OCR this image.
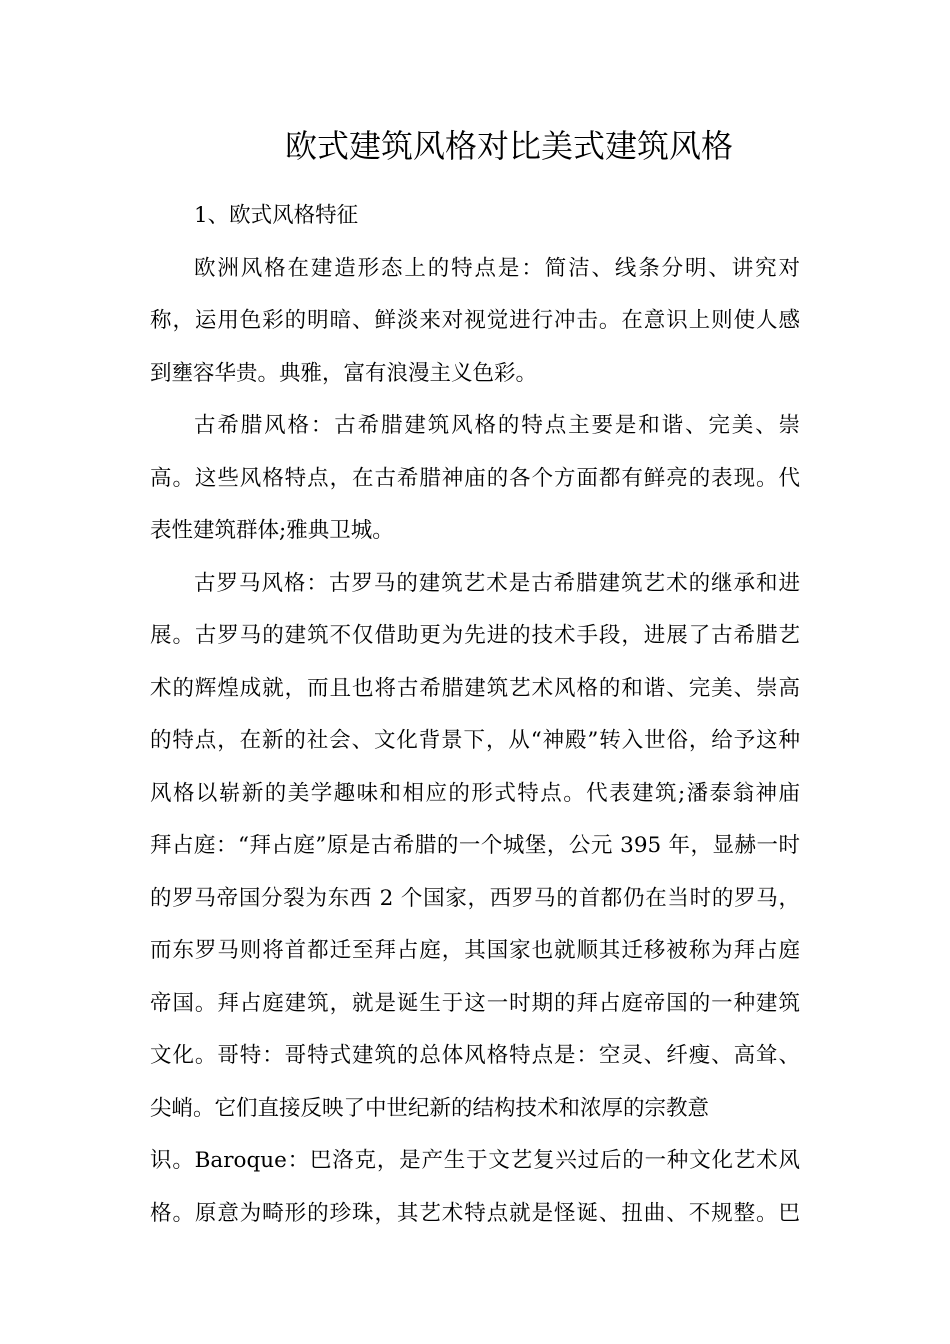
欧式建筑风格对比美式建筑风格
1、欧式风格特征
欧洲风格在建造形态上的特点是：简洁、线条分明、讲究对
称，运用色彩的明暗、鲜淡来对视觉进行冲击。在意识上则使人感
到壅容华贵。典雅，富有浪漫主义色彩。
古希腊风格：古希腊建筑风格的特点主要是和谐、完美、崇
高。这些风格特点，在古希腊神庙的各个方面都有鲜亮的表现。代
表性建筑群体;雅典卫城。
古罗马风格：古罗马的建筑艺术是古希腊建筑艺术的继承和进
展。古罗马的建筑不仅借助更为先进的技术手段，进展了古希腊艺
术的辉煌成就，而且也将古希腊建筑艺术风格的和谐、完美、崇高
的特点，在新的社会、文化背景下，从“神殿”转入世俗，给予这种
风格以崭新的美学趣味和相应的形式特点。代表建筑;潘泰翁神庙
拜占庭：“拜占庭”原是古希腊的一个城堡，公元 395 年，显赫一时
的罗马帝国分裂为东西 2 个国家，西罗马的首都仍在当时的罗马，
而东罗马则将首都迁至拜占庭，其国家也就顺其迁移被称为拜占庭
帝国。拜占庭建筑，就是诞生于这一时期的拜占庭帝国的一种建筑
文化。哥特：哥特式建筑的总体风格特点是：空灵、纤瘦、高耸、
尖峭。它们直接反映了中世纪新的结构技术和浓厚的宗教意
识。Baroque：巴洛克，是产生于文艺复兴过后的一种文化艺术风
格。原意为畸形的珍珠，其艺术特点就是怪诞、扭曲、不规整。巴
